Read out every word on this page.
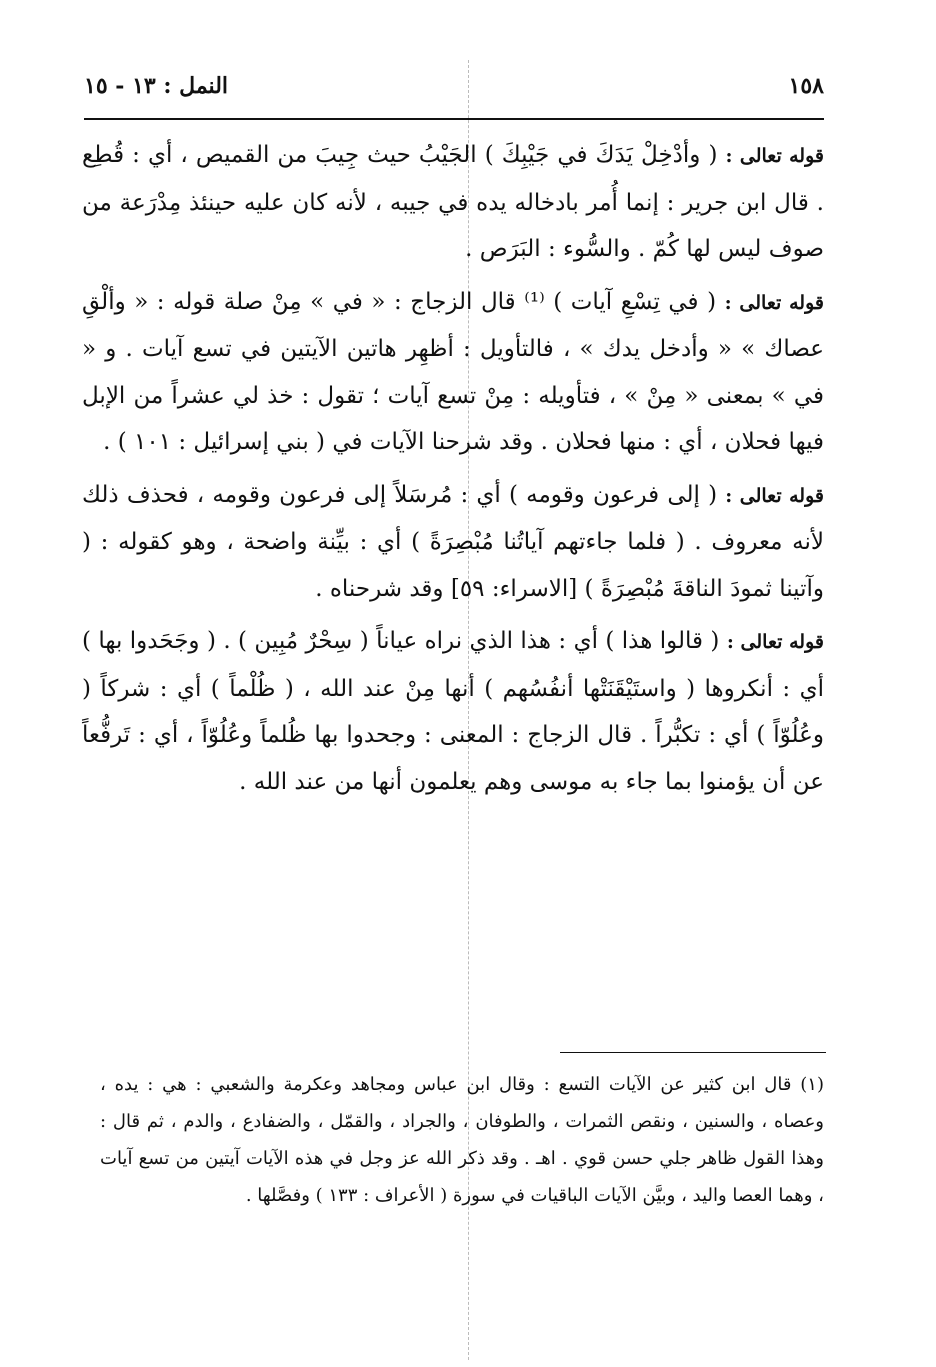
١٥٨
النمل : ١٣ - ١٥

قوله تعالى : ( وأدْخِلْ يَدَكَ في جَيْبِكَ ) الجَيْبُ حيث جِيبَ من القميص ، أي : قُطِع . قال ابن جرير : إنما أُمر بادخاله يده في جيبه ، لأنه كان عليه حينئذ مِدْرَعة من صوف ليس لها كُمّ . والسُّوء : البَرَص .

قوله تعالى : ( في تِسْعِ آيات ) ⁽¹⁾ قال الزجاج : « في » مِنْ صلة قوله : « وألْقِ عصاك » « وأدخل يدك » ، فالتأويل : أظهِر هاتين الآيتين في تسع آيات . و « في » بمعنى « مِنْ » ، فتأويله : مِنْ تسع آيات ؛ تقول : خذ لي عشراً من الإبل فيها فحلان ، أي : منها فحلان . وقد شرحنا الآيات في ( بني إسرائيل : ١٠١ ) .

قوله تعالى : ( إلى فرعون وقومه ) أي : مُرسَلاً إلى فرعون وقومه ، فحذف ذلك لأنه معروف . ( فلما جاءتهم آياتُنا مُبْصِرَةً ) أي : بيِّنة واضحة ، وهو كقوله : ( وآتينا ثمودَ الناقةَ مُبْصِرَةً ) [الاسراء: ٥٩] وقد شرحناه .

قوله تعالى : ( قالوا هذا ) أي : هذا الذي نراه عياناً ( سِحْرٌ مُبِين ) . ( وجَحَدوا بها ) أي : أنكروها ( واستَيْقَنَتْها أنفُسُهم ) أنها مِنْ عند الله ، ( ظُلْماً ) أي : شركاً ( وعُلُوّاً ) أي : تكبُّراً . قال الزجاج : المعنى : وجحدوا بها ظُلماً وعُلُوّاً ، أي : تَرفُّعاً عن أن يؤمنوا بما جاء به موسى وهم يعلمون أنها من عند الله .

(١) قال ابن كثير عن الآيات التسع : وقال ابن عباس ومجاهد وعكرمة والشعبي : هي : يده ، وعصاه ، والسنين ، ونقص الثمرات ، والطوفان ، والجراد ، والقمّل ، والضفادع ، والدم ، ثم قال : وهذا القول ظاهر جلي حسن قوي . اهـ . وقد ذكر الله عز وجل في هذه الآيات آيتين من تسع آيات ، وهما العصا واليد ، وبيَّن الآيات الباقيات في سورة ( الأعراف : ١٣٣ ) وفصَّلها .
